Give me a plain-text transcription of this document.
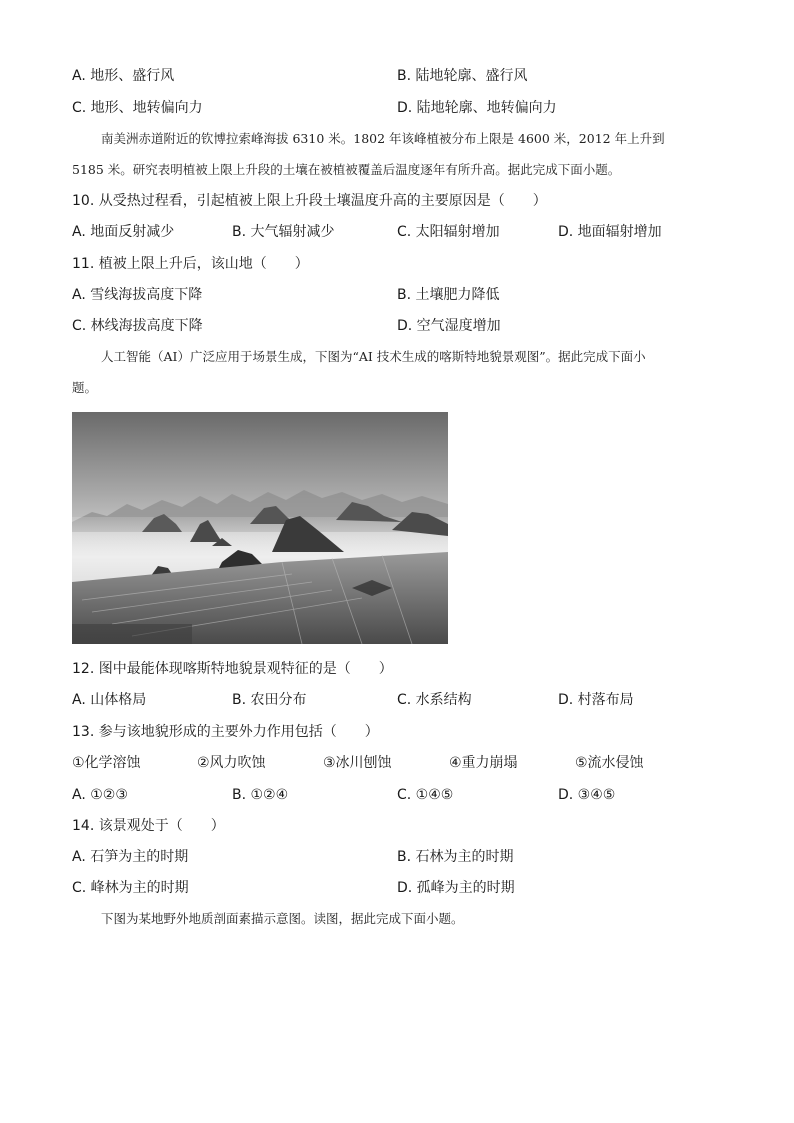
A. 地形、盛行风	B. 陆地轮廓、盛行风
C. 地形、地转偏向力	D. 陆地轮廓、地转偏向力
南美洲赤道附近的钦博拉索峰海拔 6310 米。1802 年该峰植被分布上限是 4600 米，2012 年上升到
5185 米。研究表明植被上限上升段的土壤在被植被覆盖后温度逐年有所升高。据此完成下面小题。
10. 从受热过程看，引起植被上限上升段土壤温度升高的主要原因是（　　）
A. 地面反射减少	B. 大气辐射减少	C. 太阳辐射增加	D. 地面辐射增加
11. 植被上限上升后，该山地（　　）
A. 雪线海拔高度下降	B. 土壤肥力降低
C. 林线海拔高度下降	D. 空气湿度增加
人工智能（AI）广泛应用于场景生成，下图为“AI 技术生成的喀斯特地貌景观图”。据此完成下面小
题。
12. 图中最能体现喀斯特地貌景观特征的是（　　）
A. 山体格局	B. 农田分布	C. 水系结构	D. 村落布局
13. 参与该地貌形成的主要外力作用包括（　　）
①化学溶蚀	②风力吹蚀	③冰川刨蚀	④重力崩塌	⑤流水侵蚀
A. ①②③	B. ①②④	C. ①④⑤	D. ③④⑤
14. 该景观处于（　　）
A. 石笋为主的时期	B. 石林为主的时期
C. 峰林为主的时期	D. 孤峰为主的时期
下图为某地野外地质剖面素描示意图。读图，据此完成下面小题。
